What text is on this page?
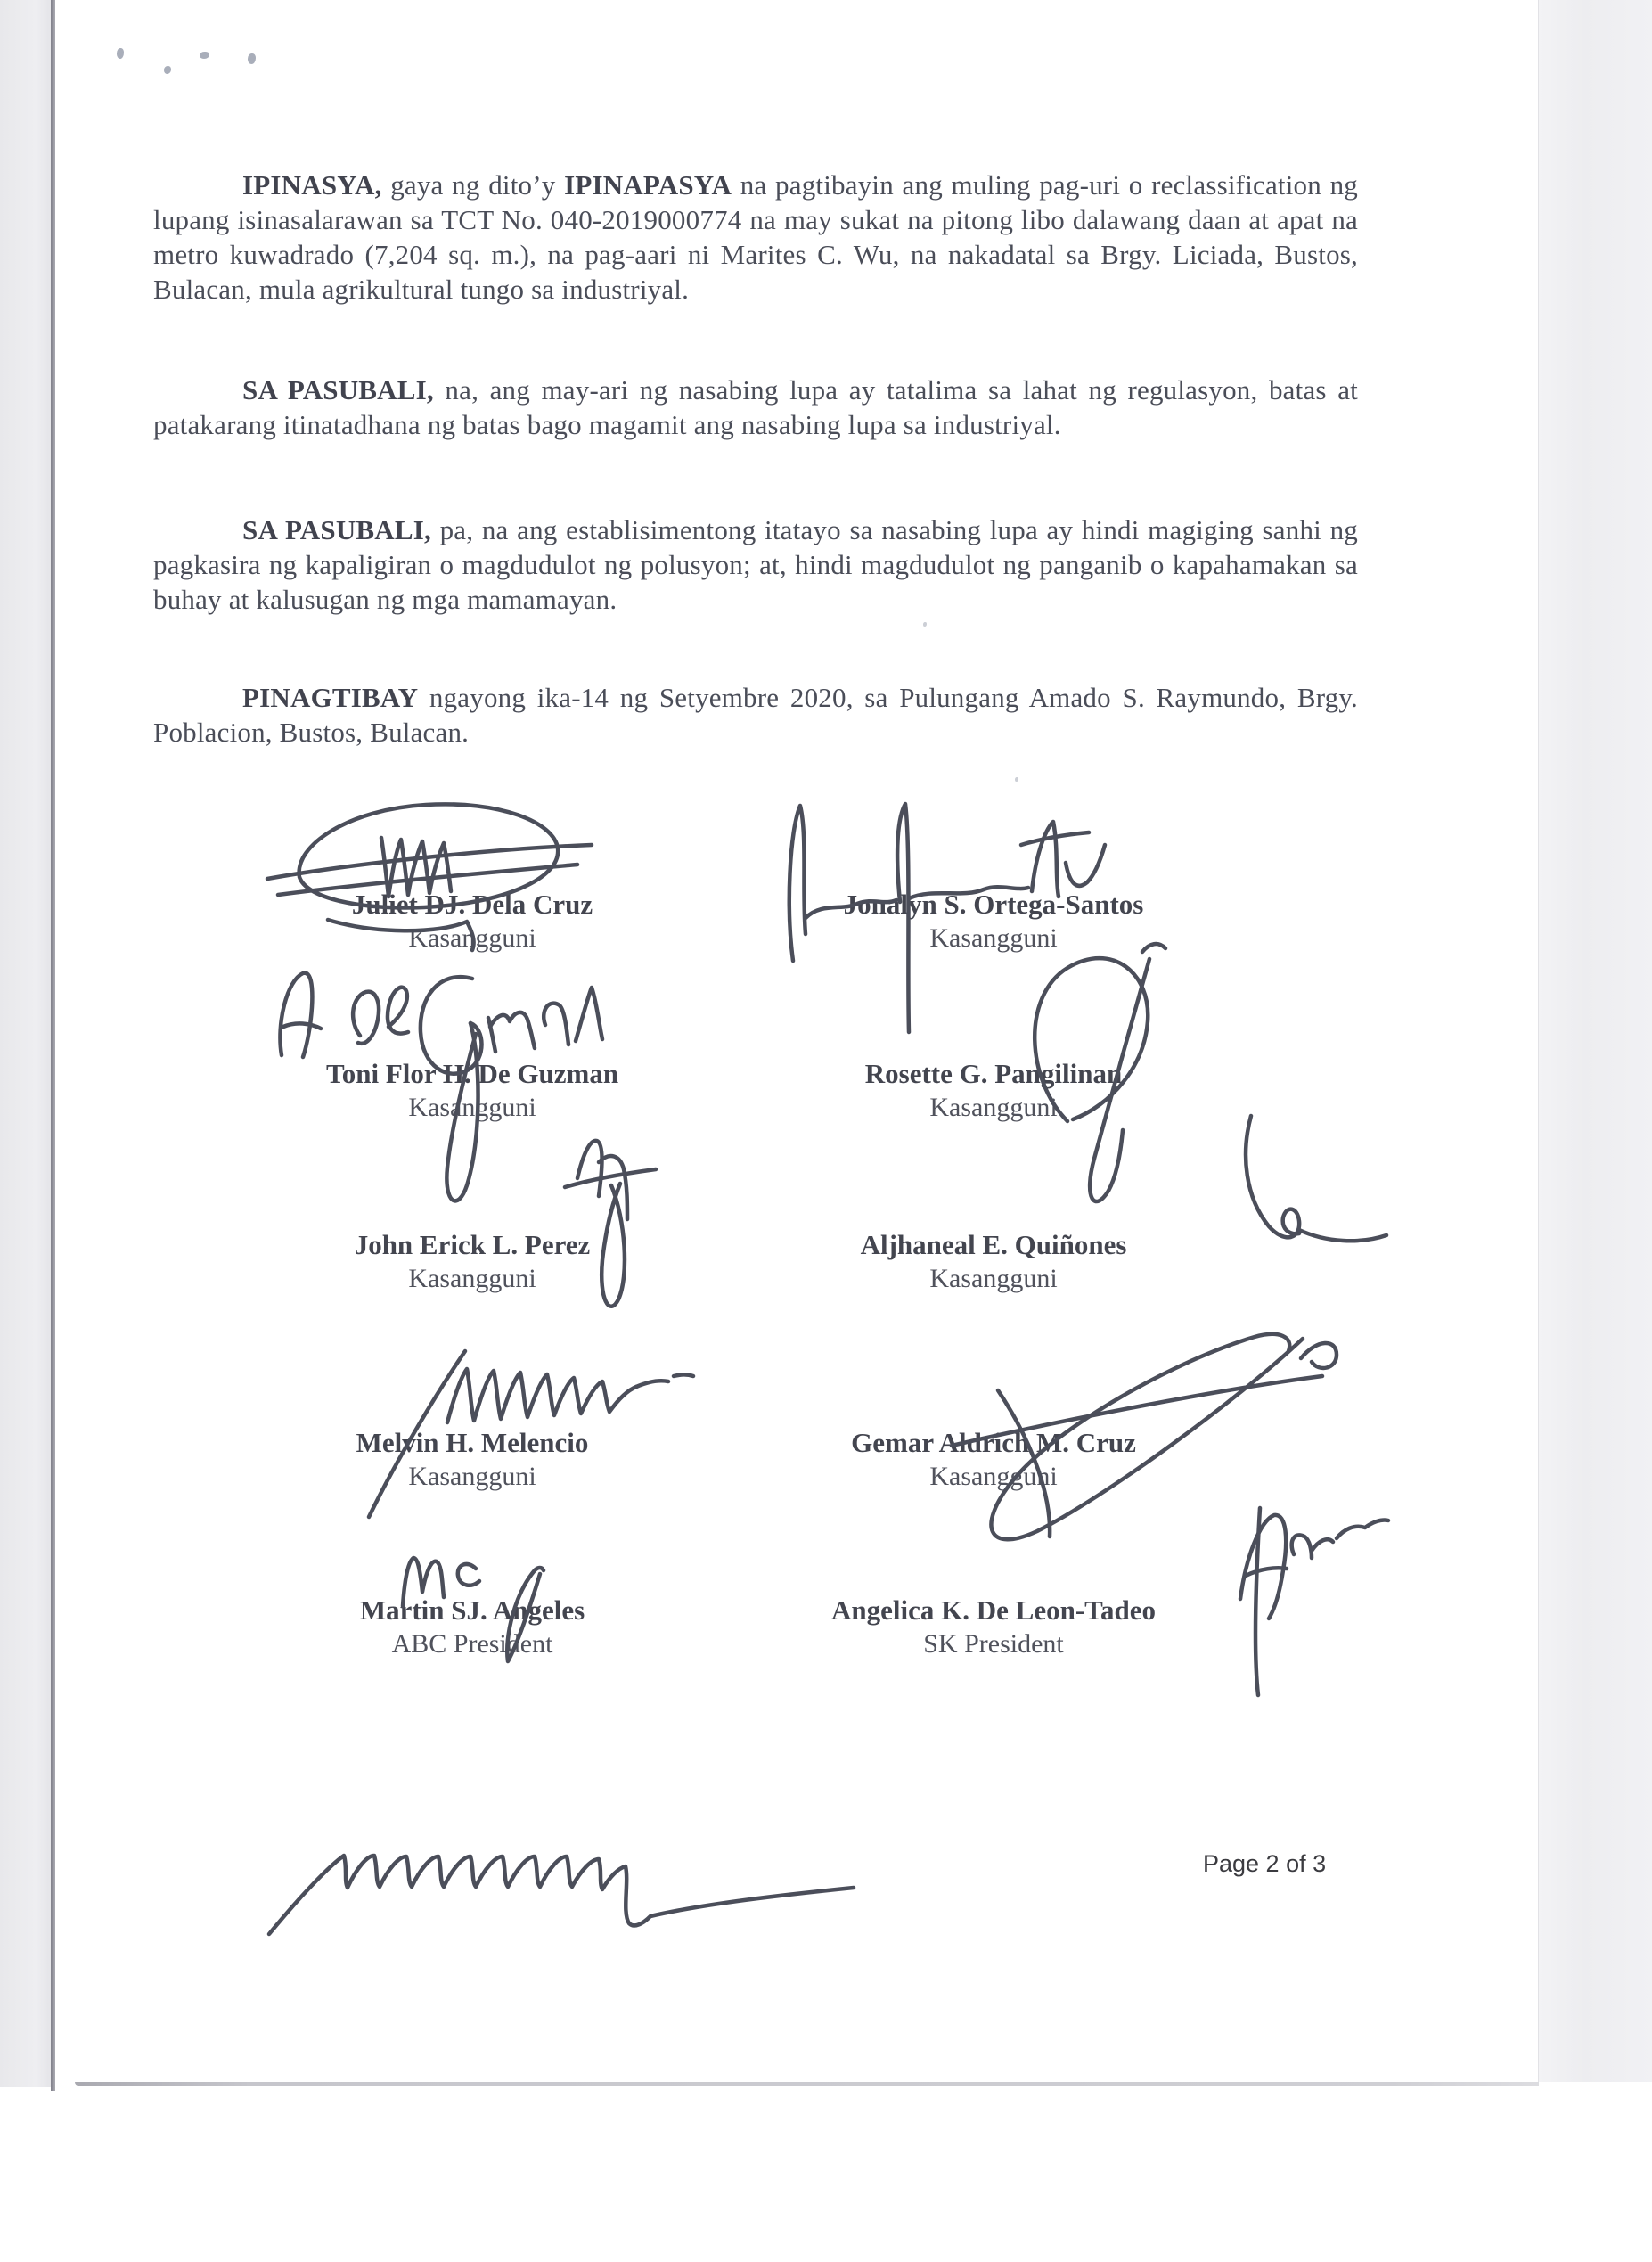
IPINASYA, gaya ng dito’y IPINAPASYA na pagtibayin ang muling pag-uri o reclassification ng lupang isinasalarawan sa TCT No. 040-2019000774 na may sukat na pitong libo dalawang daan at apat na metro kuwadrado (7,204 sq. m.), na pag-aari ni Marites C. Wu, na nakadatal sa Brgy. Liciada, Bustos, Bulacan, mula agrikultural tungo sa industriyal.

SA PASUBALI, na, ang may-ari ng nasabing lupa ay tatalima sa lahat ng regulasyon, batas at patakarang itinatadhana ng batas bago magamit ang nasabing lupa sa industriyal.

SA PASUBALI, pa, na ang establisimentong itatayo sa nasabing lupa ay hindi magiging sanhi ng pagkasira ng kapaligiran o magdudulot ng polusyon; at, hindi magdudulot ng panganib o kapahamakan sa buhay at kalusugan ng mga mamamayan.

PINAGTIBAY ngayong ika-14 ng Setyembre 2020, sa Pulungang Amado S. Raymundo, Brgy. Poblacion, Bustos, Bulacan.

Juliet DJ. Dela Cruz
Kasangguni
Jonalyn S. Ortega-Santos
Kasangguni
Toni Flor H. De Guzman
Kasangguni
Rosette G. Pangilinan
Kasangguni
John Erick L. Perez
Kasangguni
Aljhaneal E. Quiñones
Kasangguni
Melvin H. Melencio
Kasangguni
Gemar Aldrich M. Cruz
Kasangguni
Martin SJ. Angeles
ABC President
Angelica K. De Leon-Tadeo
SK President
Page 2 of 3
